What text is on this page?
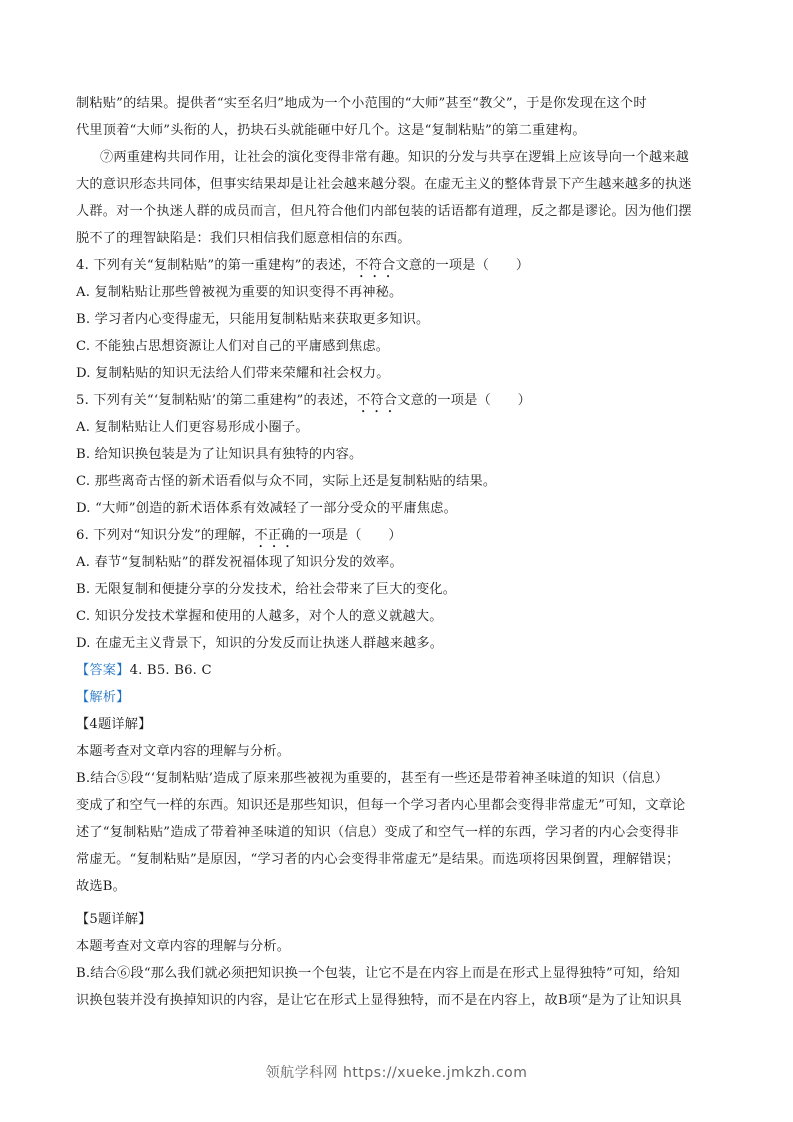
制粘贴”的结果。提供者“实至名归”地成为一个小范围的“大师”甚至“教父”，于是你发现在这个时
代里顶着“大师”头衔的人，扔块石头就能砸中好几个。这是“复制粘贴”的第二重建构。
⑦两重建构共同作用，让社会的演化变得非常有趣。知识的分发与共享在逻辑上应该导向一个越来越
大的意识形态共同体，但事实结果却是让社会越来越分裂。在虚无主义的整体背景下产生越来越多的执迷
人群。对一个执迷人群的成员而言，但凡符合他们内部包装的话语都有道理，反之都是谬论。因为他们摆
脱不了的理智缺陷是：我们只相信我们愿意相信的东西。
4. 下列有关“复制粘贴”的第一重建构”的表述，不符合文意的一项是（　　）
A. 复制粘贴让那些曾被视为重要的知识变得不再神秘。
B. 学习者内心变得虚无，只能用复制粘贴来获取更多知识。
C. 不能独占思想资源让人们对自己的平庸感到焦虑。
D. 复制粘贴的知识无法给人们带来荣耀和社会权力。
5. 下列有关“‘复制粘贴’的第二重建构”的表述，不符合文意的一项是（　　）
A. 复制粘贴让人们更容易形成小圈子。
B. 给知识换包装是为了让知识具有独特的内容。
C. 那些离奇古怪的新术语看似与众不同，实际上还是复制粘贴的结果。
D. “大师”创造的新术语体系有效减轻了一部分受众的平庸焦虑。
6. 下列对“知识分发”的理解，不正确的一项是（　　）
A. 春节“复制粘贴”的群发祝福体现了知识分发的效率。
B. 无限复制和便捷分享的分发技术，给社会带来了巨大的变化。
C. 知识分发技术掌握和使用的人越多，对个人的意义就越大。
D. 在虚无主义背景下，知识的分发反而让执迷人群越来越多。
【答案】4. B5. B6. C
【解析】
【4题详解】
本题考查对文章内容的理解与分析。
B.结合⑤段“‘复制粘贴’造成了原来那些被视为重要的，甚至有一些还是带着神圣味道的知识（信息）
变成了和空气一样的东西。知识还是那些知识，但每一个学习者内心里都会变得非常虚无”可知，文章论
述了“复制粘贴”造成了带着神圣味道的知识（信息）变成了和空气一样的东西，学习者的内心会变得非
常虚无。“复制粘贴”是原因，“学习者的内心会变得非常虚无”是结果。而选项将因果倒置，理解错误；
故选B。
【5题详解】
本题考查对文章内容的理解与分析。
B.结合⑥段“那么我们就必须把知识换一个包装，让它不是在内容上而是在形式上显得独特”可知，给知
识换包装并没有换掉知识的内容，是让它在形式上显得独特，而不是在内容上，故B项“是为了让知识具
领航学科网 https://xueke.jmkzh.com
